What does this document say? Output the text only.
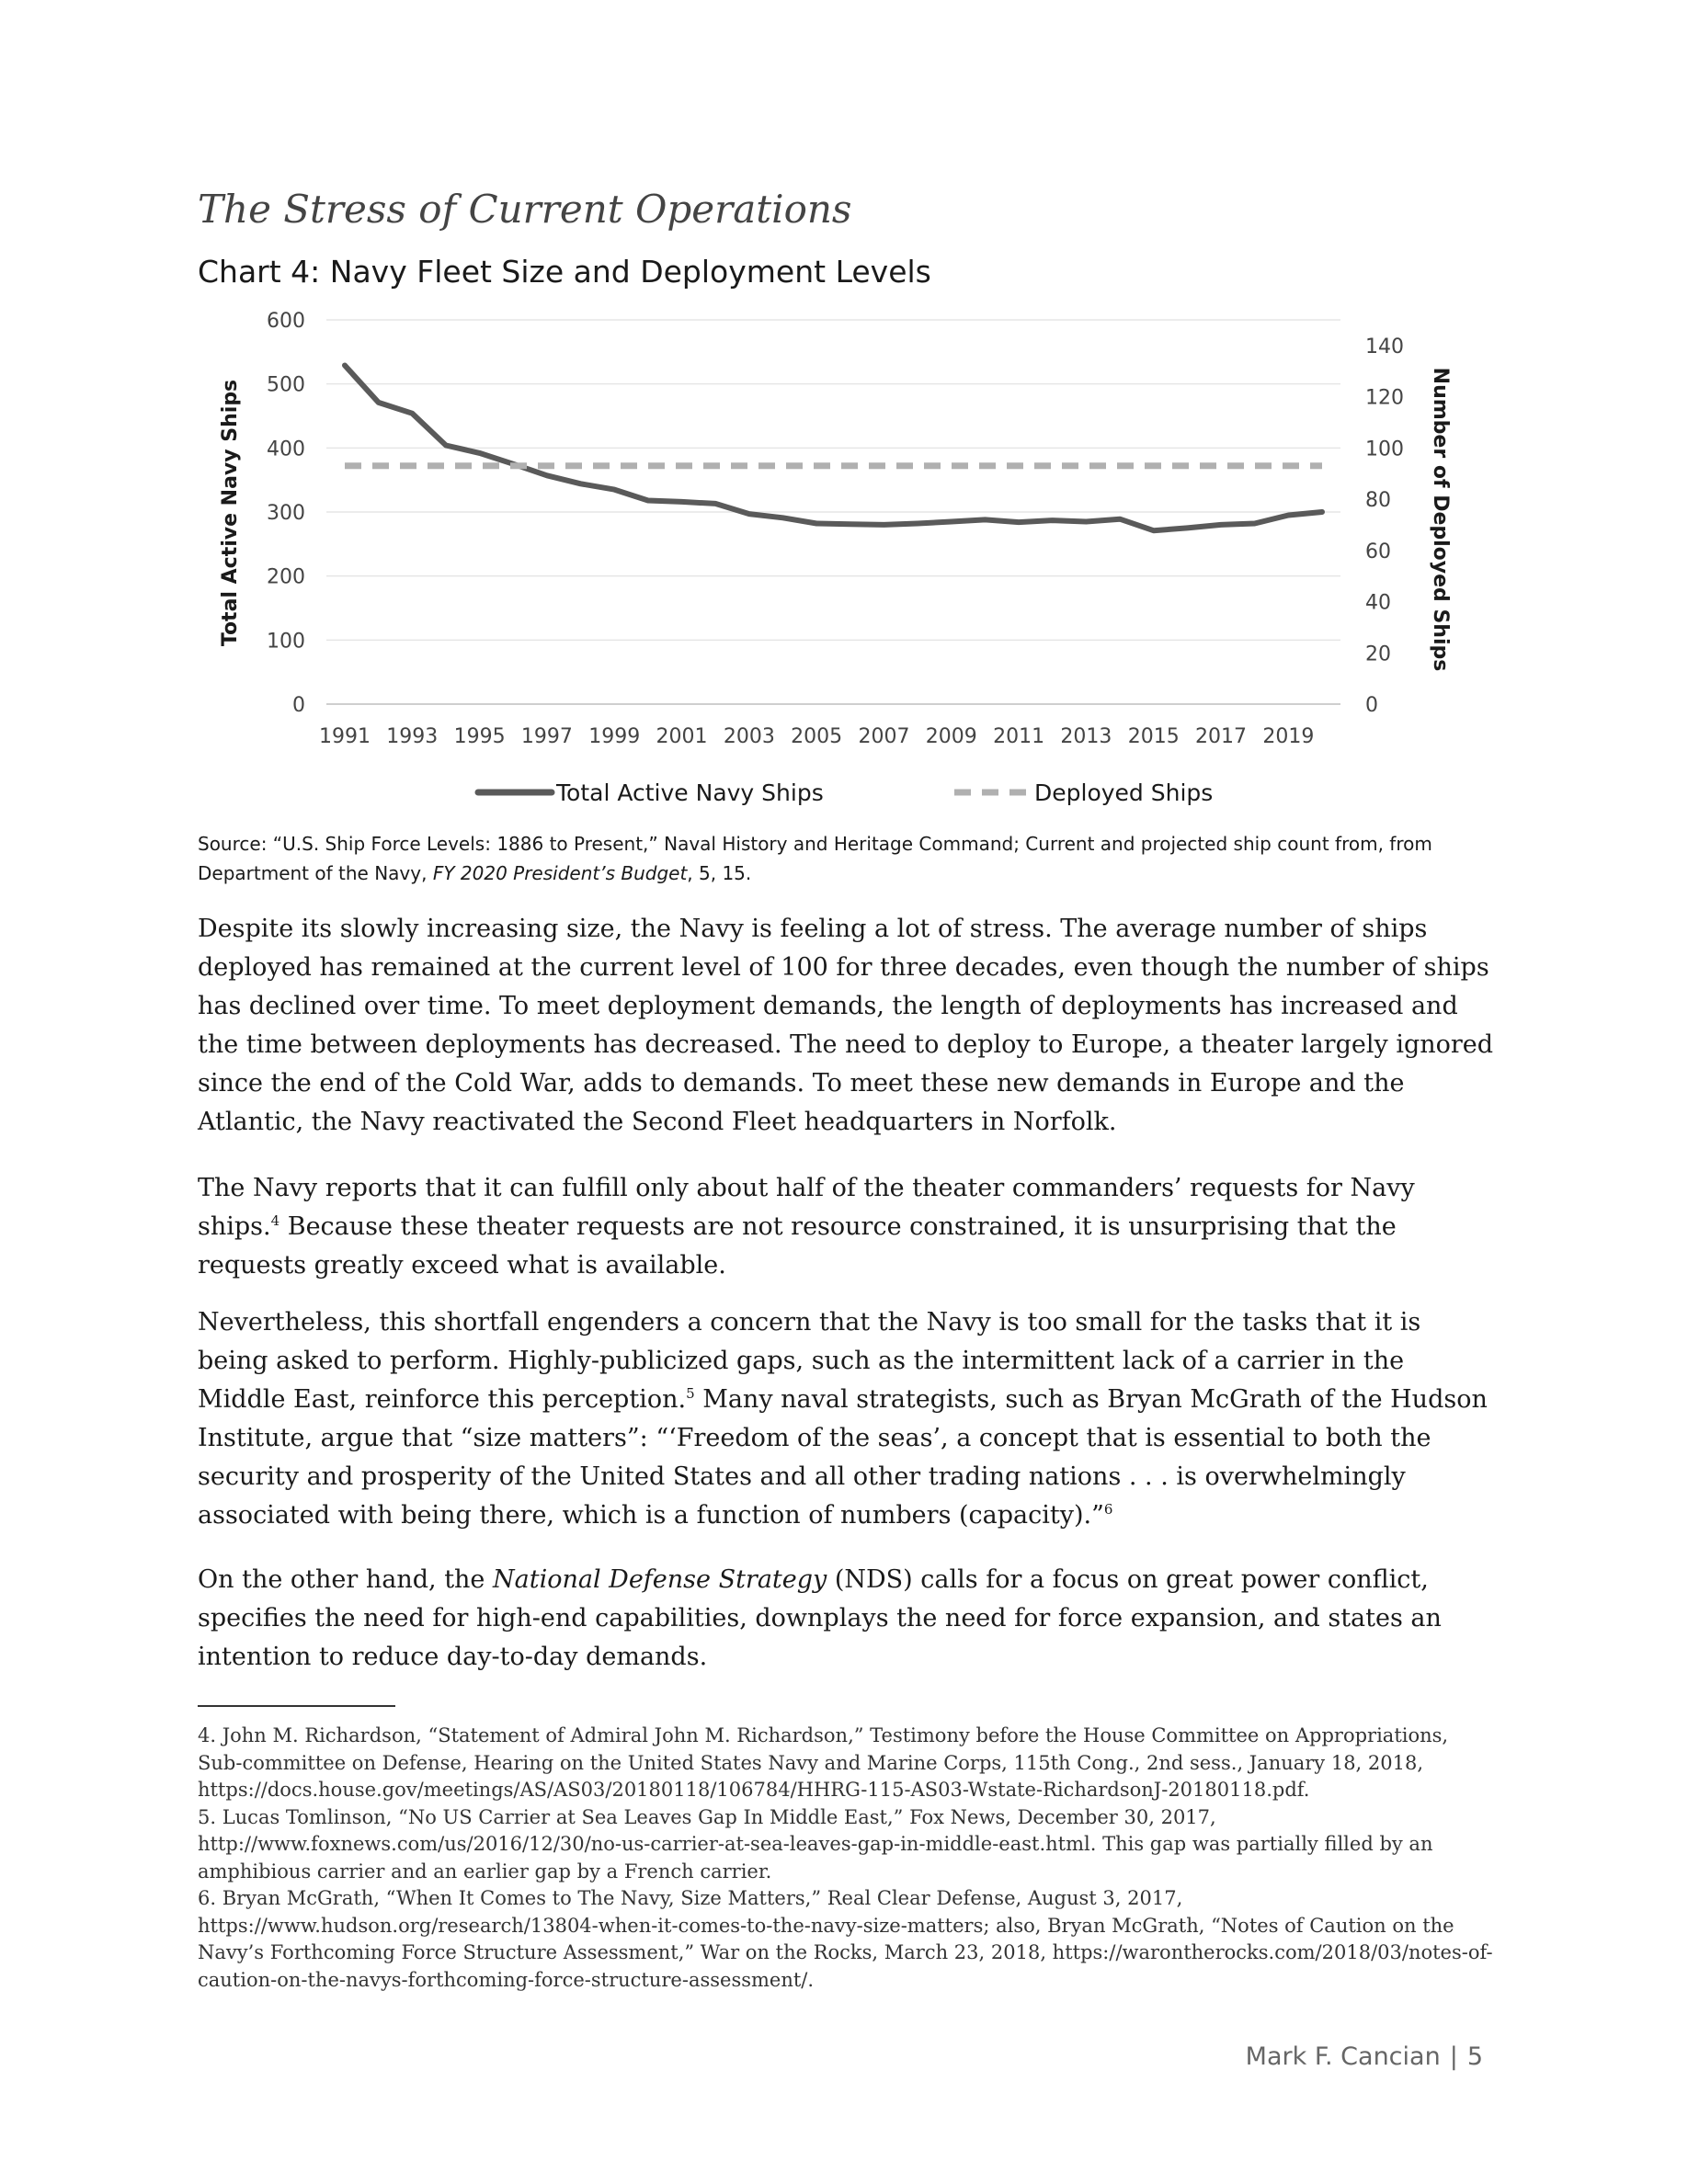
The Stress of Current Operations
Chart 4: Navy Fleet Size and Deployment Levels
0
100
200
300
400
500
600
0
20
40
60
80
100
120
140
1991 1993 1995 1997 1999 2001 2003 2005 2007 2009 2011 2013 2015 2017 2019
Total Active Navy Ships	Number of Deployed Ships
Total Active Navy Ships	Deployed Ships
Source: “U.S. Ship Force Levels: 1886 to Present,” Naval History and Heritage Command; Current and projected ship count from, from
Department of the Navy, FY 2020 President’s Budget, 5, 15.

Despite its slowly increasing size, the Navy is feeling a lot of stress. The average number of ships deployed has remained at the current level of 100 for three decades, even though the number of ships has declined over time. To meet deployment demands, the length of deployments has increased and the time between deployments has decreased. The need to deploy to Europe, a theater largely ignored since the end of the Cold War, adds to demands. To meet these new demands in Europe and the Atlantic, the Navy reactivated the Second Fleet headquarters in Norfolk.

The Navy reports that it can fulfill only about half of the theater commanders’ requests for Navy ships.$^4$ Because these theater requests are not resource constrained, it is unsurprising that the requests greatly exceed what is available.

Nevertheless, this shortfall engenders a concern that the Navy is too small for the tasks that it is being asked to perform. Highly-publicized gaps, such as the intermittent lack of a carrier in the Middle East, reinforce this perception.$^5$ Many naval strategists, such as Bryan McGrath of the Hudson Institute, argue that “size matters”: “‘Freedom of the seas’, a concept that is essential to both the security and prosperity of the United States and all other trading nations . . . is overwhelmingly associated with being there, which is a function of numbers (capacity).”$^6$

On the other hand, the National Defense Strategy (NDS) calls for a focus on great power conflict, specifies the need for high-end capabilities, downplays the need for force expansion, and states an intention to reduce day-to-day demands.

4. John M. Richardson, “Statement of Admiral John M. Richardson,” Testimony before the House Committee on Appropriations, Sub-committee on Defense, Hearing on the United States Navy and Marine Corps, 115th Cong., 2nd sess., January 18, 2018, https://docs.house.gov/meetings/AS/AS03/20180118/106784/HHRG-115-AS03-Wstate-RichardsonJ-20180118.pdf.
5. Lucas Tomlinson, “No US Carrier at Sea Leaves Gap In Middle East,” Fox News, December 30, 2017, http://www.foxnews.com/us/2016/12/30/no-us-carrier-at-sea-leaves-gap-in-middle-east.html. This gap was partially filled by an amphibious carrier and an earlier gap by a French carrier.
6. Bryan McGrath, “When It Comes to The Navy, Size Matters,” Real Clear Defense, August 3, 2017, https://www.hudson.org/research/13804-when-it-comes-to-the-navy-size-matters; also, Bryan McGrath, “Notes of Caution on the Navy’s Forthcoming Force Structure Assessment,” War on the Rocks, March 23, 2018, https://warontherocks.com/2018/03/notes-of-caution-on-the-navys-forthcoming-force-structure-assessment/.
Mark F. Cancian | 5
